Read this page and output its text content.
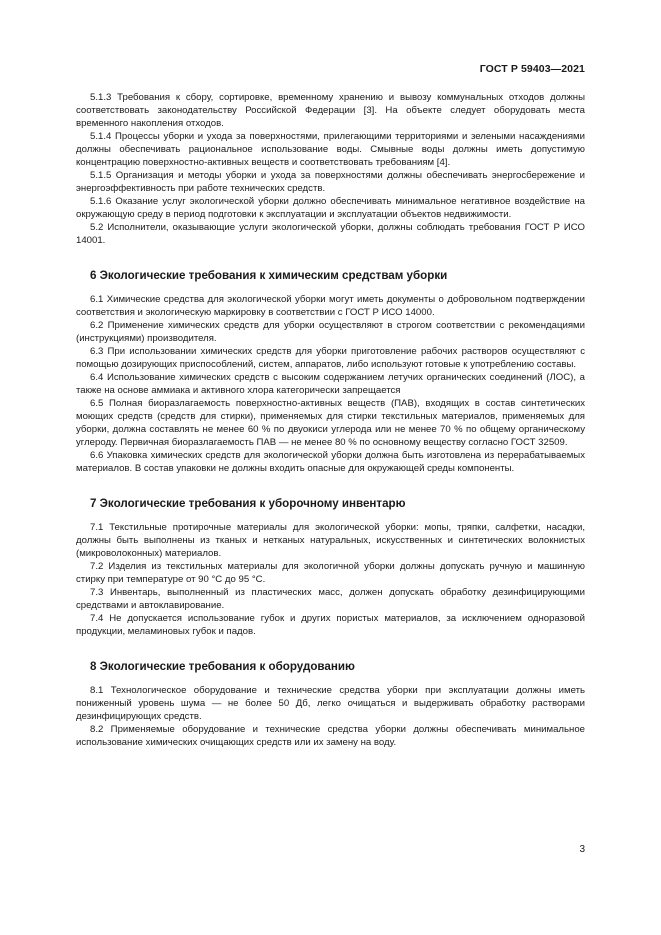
ГОСТ Р 59403—2021

5.1.3 Требования к сбору, сортировке, временному хранению и вывозу коммунальных отходов должны соответствовать законодательству Российской Федерации [3]. На объекте следует оборудовать места временного накопления отходов.

5.1.4 Процессы уборки и ухода за поверхностями, прилегающими территориями и зелеными насаждениями должны обеспечивать рациональное использование воды. Смывные воды должны иметь допустимую концентрацию поверхностно-активных веществ и соответствовать требованиям [4].

5.1.5 Организация и методы уборки и ухода за поверхностями должны обеспечивать энергосбережение и энергоэффективность при работе технических средств.

5.1.6 Оказание услуг экологической уборки должно обеспечивать минимальное негативное воздействие на окружающую среду в период подготовки к эксплуатации и эксплуатации объектов недвижимости.

5.2 Исполнители, оказывающие услуги экологической уборки, должны соблюдать требования ГОСТ Р ИСО 14001.

6 Экологические требования к химическим средствам уборки

6.1 Химические средства для экологической уборки могут иметь документы о добровольном подтверждении соответствия и экологическую маркировку в соответствии с ГОСТ Р ИСО 14000.

6.2 Применение химических средств для уборки осуществляют в строгом соответствии с рекомендациями (инструкциями) производителя.

6.3 При использовании химических средств для уборки приготовление рабочих растворов осуществляют с помощью дозирующих приспособлений, систем, аппаратов, либо используют готовые к употреблению составы.

6.4 Использование химических средств с высоким содержанием летучих органических соединений (ЛОС), а также на основе аммиака и активного хлора категорически запрещается

6.5 Полная биоразлагаемость поверхностно-активных веществ (ПАВ), входящих в состав синтетических моющих средств (средств для стирки), применяемых для стирки текстильных материалов, применяемых для уборки, должна составлять не менее 60 % по двуокиси углерода или не менее 70 % по общему органическому углероду. Первичная биоразлагаемость ПАВ — не менее 80 % по основному веществу согласно ГОСТ 32509.

6.6 Упаковка химических средств для экологической уборки должна быть изготовлена из перерабатываемых материалов. В состав упаковки не должны входить опасные для окружающей среды компоненты.

7 Экологические требования к уборочному инвентарю

7.1 Текстильные протирочные материалы для экологической уборки: мопы, тряпки, салфетки, насадки, должны быть выполнены из тканых и нетканых натуральных, искусственных и синтетических волокнистых (микроволоконных) материалов.

7.2 Изделия из текстильных материалы для экологичной уборки должны допускать ручную и машинную стирку при температуре от 90 °С до 95 °С.

7.3 Инвентарь, выполненный из пластических масс, должен допускать обработку дезинфицирующими средствами и автоклавирование.

7.4 Не допускается использование губок и других пористых материалов, за исключением одноразовой продукции, меламиновых губок и падов.

8 Экологические требования к оборудованию

8.1 Технологическое оборудование и технические средства уборки при эксплуатации должны иметь пониженный уровень шума — не более 50 Дб, легко очищаться и выдерживать обработку растворами дезинфицирующих средств.

8.2 Применяемые оборудование и технические средства уборки должны обеспечивать минимальное использование химических очищающих средств или их замену на воду.

3
